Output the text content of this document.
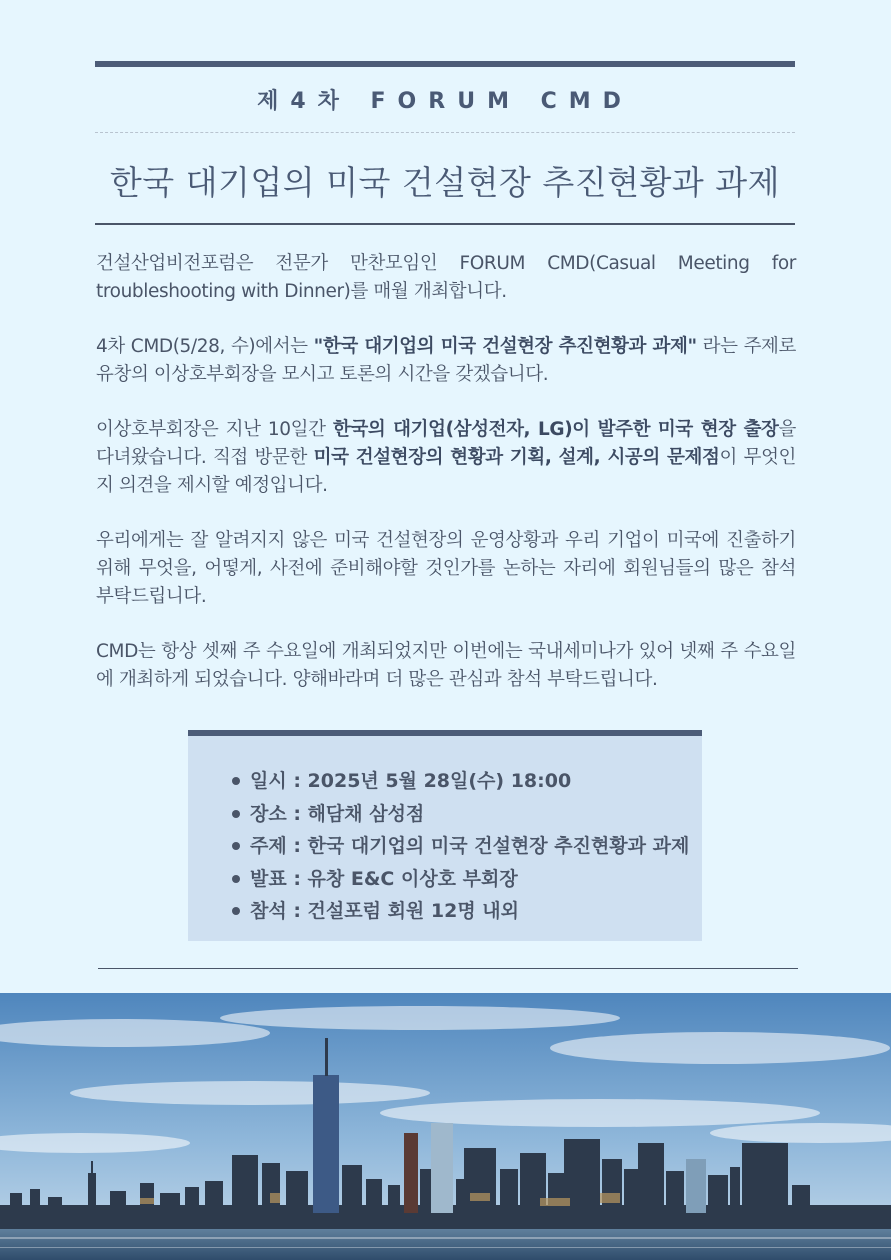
제4차 FORUM CMD
한국 대기업의 미국 건설현장 추진현황과 과제

건설산업비전포럼은 전문가 만찬모임인 FORUM CMD(Casual Meeting for troubleshooting with Dinner)를 매월 개최합니다.

4차 CMD(5/28, 수)에서는 "한국 대기업의 미국 건설현장 추진현황과 과제" 라는 주제로 유창의 이상호부회장을 모시고 토론의 시간을 갖겠습니다.

이상호부회장은 지난 10일간 한국의 대기업(삼성전자, LG)이 발주한 미국 현장 출장을 다녀왔습니다. 직접 방문한 미국 건설현장의 현황과 기획, 설계, 시공의 문제점이 무엇인지 의견을 제시할 예정입니다.

우리에게는 잘 알려지지 않은 미국 건설현장의 운영상황과 우리 기업이 미국에 진출하기 위해 무엇을, 어떻게, 사전에 준비해야할 것인가를 논하는 자리에 회원님들의 많은 참석 부탁드립니다.

CMD는 항상 셋째 주 수요일에 개최되었지만 이번에는 국내세미나가 있어 넷째 주 수요일에 개최하게 되었습니다. 양해바라며 더 많은 관심과 참석 부탁드립니다.

일시 : 2025년 5월 28일(수) 18:00
장소 : 해담채 삼성점
주제 : 한국 대기업의 미국 건설현장 추진현황과 과제
발표 : 유창 E&C 이상호 부회장
참석 : 건설포럼 회원 12명 내외
